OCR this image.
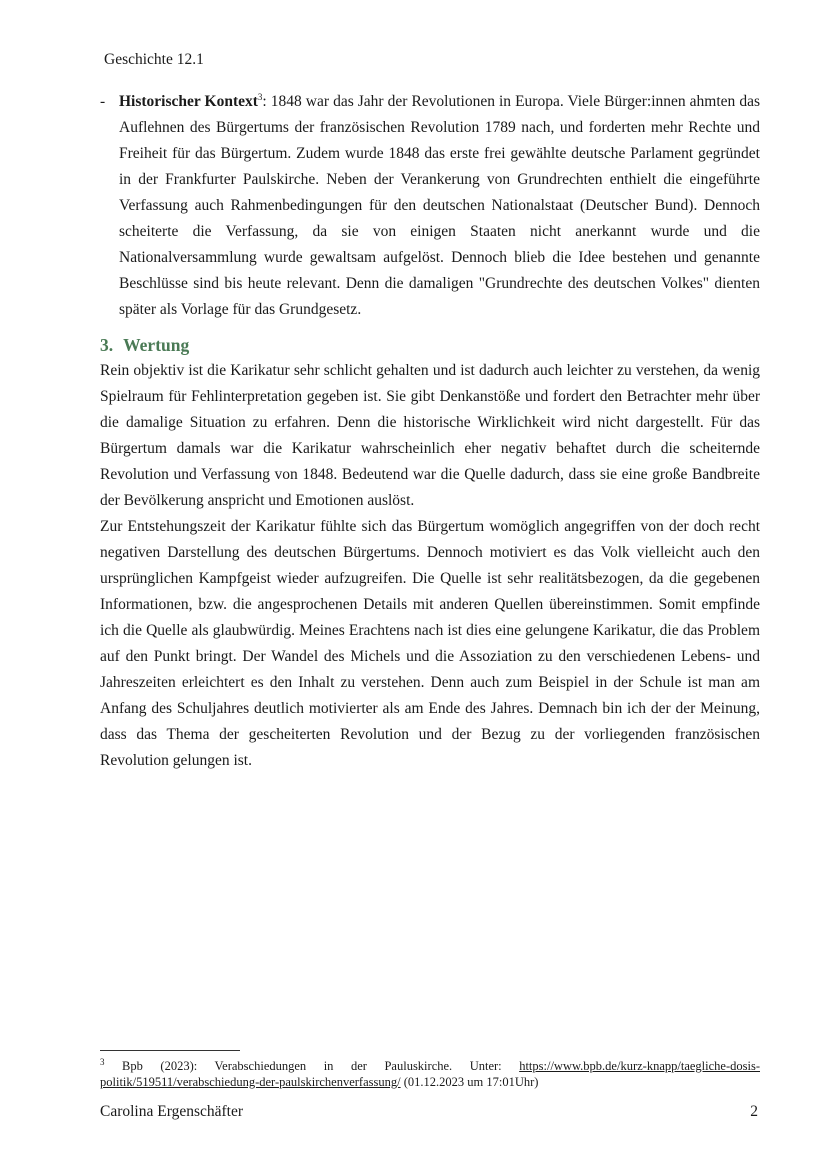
Geschichte 12.1
- Historischer Kontext$^3$: 1848 war das Jahr der Revolutionen in Europa. Viele Bürger:innen ahmten das Auflehnen des Bürgertums der französischen Revolution 1789 nach, und forderten mehr Rechte und Freiheit für das Bürgertum. Zudem wurde 1848 das erste frei gewählte deutsche Parlament gegründet in der Frankfurter Paulskirche. Neben der Verankerung von Grundrechten enthielt die eingeführte Verfassung auch Rahmenbedingungen für den deutschen Nationalstaat (Deutscher Bund). Dennoch scheiterte die Verfassung, da sie von einigen Staaten nicht anerkannt wurde und die Nationalversammlung wurde gewaltsam aufgelöst. Dennoch blieb die Idee bestehen und genannte Beschlüsse sind bis heute relevant. Denn die damaligen "Grundrechte des deutschen Volkes" dienten später als Vorlage für das Grundgesetz.
3. Wertung

Rein objektiv ist die Karikatur sehr schlicht gehalten und ist dadurch auch leichter zu verstehen, da wenig Spielraum für Fehlinterpretation gegeben ist. Sie gibt Denkanstöße und fordert den Betrachter mehr über die damalige Situation zu erfahren. Denn die historische Wirklichkeit wird nicht dargestellt. Für das Bürgertum damals war die Karikatur wahrscheinlich eher negativ behaftet durch die scheiternde Revolution und Verfassung von 1848. Bedeutend war die Quelle dadurch, dass sie eine große Bandbreite der Bevölkerung anspricht und Emotionen auslöst.

Zur Entstehungszeit der Karikatur fühlte sich das Bürgertum womöglich angegriffen von der doch recht negativen Darstellung des deutschen Bürgertums. Dennoch motiviert es das Volk vielleicht auch den ursprünglichen Kampfgeist wieder aufzugreifen. Die Quelle ist sehr realitätsbezogen, da die gegebenen Informationen, bzw. die angesprochenen Details mit anderen Quellen übereinstimmen. Somit empfinde ich die Quelle als glaubwürdig. Meines Erachtens nach ist dies eine gelungene Karikatur, die das Problem auf den Punkt bringt. Der Wandel des Michels und die Assoziation zu den verschiedenen Lebens- und Jahreszeiten erleichtert es den Inhalt zu verstehen. Denn auch zum Beispiel in der Schule ist man am Anfang des Schuljahres deutlich motivierter als am Ende des Jahres. Demnach bin ich der der Meinung, dass das Thema der gescheiterten Revolution und der Bezug zu der vorliegenden französischen Revolution gelungen ist.

$^3$ Bpb (2023): Verabschiedungen in der Pauluskirche. Unter: https://www.bpb.de/kurz-knapp/taegliche-dosis-politik/519511/verabschiedung-der-paulskirchenverfassung/ (01.12.2023 um 17:01Uhr)
Carolina Ergenschäfter	2
